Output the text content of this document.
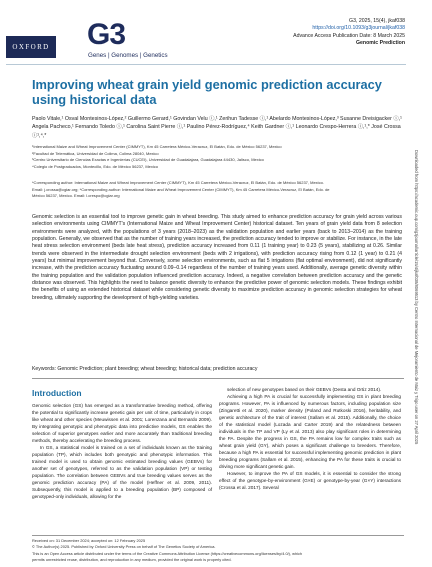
OXFORD G3
Genes | Genomes | Genetics
G3, 2025, 15(4), jkaf038
https://doi.org/10.1093/g3journal/jkaf038
Advance Access Publication Date: 8 March 2025
Genomic Prediction
Improving wheat grain yield genomic prediction accuracy using historical data
Paolo Vitale,¹ Osval Montesinos-López,² Guillermo Gerard,¹ Govindan Velu ⓘ,¹ Zerihun Tadesse ⓘ,¹ Abelardo Montesinos-López,³ Susanne Dreisigacker ⓘ,¹ Angela Pacheco,¹ Fernando Toledo ⓘ,¹ Carolina Saint Pierre ⓘ,¹ Paulino Pérez-Rodríguez,⁴ Keith Gardner ⓘ,¹ Leonardo Crespo-Herrera ⓘ,¹,* José Crossa ⓘ¹,⁴,*
¹International Maize and Wheat Improvement Center (CIMMYT), Km 45 Carretera México-Veracruz, El Batán, Edo. de México 56237, Mexico
²Facultad de Telemática, Universidad de Colima, Colima 28040, Mexico
³Centro Universitario de Ciencias Exactas e Ingenierías (CUCEI), Universidad de Guadalajara, Guadalajara 44430, Jalisco, Mexico
⁴Colegio de Postgraduados, Montecillo, Edo. de México 56237, Mexico
*Corresponding author: International Maize and Wheat Improvement Center (CIMMYT), Km 45 Carretera México-Veracruz, El Batán, Edo. de México 56237, Mexico.
Email: j.crossa@cgiar.org; *Corresponding author: International Maize and Wheat Improvement Center (CIMMYT), Km 45 Carretera México-Veracruz, El Batán, Edo. de
México 56237, Mexico. Email: l.crespo@cgiar.org
Genomic selection is an essential tool to improve genetic gain in wheat breeding. This study aimed to enhance prediction accuracy for grain yield across various selection environments using CIMMYT's (International Maize and Wheat Improvement Center) historical dataset. Ten years of grain yield data from 8 selection environments were analyzed, with the populations of 3 years (2018–2023) as the validation population and earlier years (back to 2013–2014) as the training population. Generally, we observed that as the number of training years increased, the prediction accuracy tended to improve or stabilize. For instance, in the late heat stress selection environment (beds late heat stress), prediction accuracy increased from 0.11 (1 training year) to 0.23 (5 years), stabilizing at 0.26. Similar trends were observed in the intermediate drought selection environment (beds with 2 irrigations), with prediction accuracy rising from 0.12 (1 year) to 0.21 (4 years) but minimal improvement beyond that. Conversely, some selection environments, such as flat 5 irrigations (flat optimal environment), did not significantly increase, with the prediction accuracy fluctuating around 0.09–0.14 regardless of the number of training years used. Additionally, average genetic diversity within the training population and the validation population influenced prediction accuracy. Indeed, a negative correlation between prediction accuracy and the genetic distance was observed. This highlights the need to balance genetic diversity to enhance the predictive power of genomic selection models. These findings exhibit the benefits of using an extended historical dataset while considering genetic diversity to maximize prediction accuracy in genomic selection strategies for wheat breeding, ultimately supporting the development of high-yielding varieties.
Keywords: Genomic Prediction; plant breeding; wheat breeding; historical data; prediction accuracy
Introduction

Genomic selection (GS) has emerged as a transformative breeding method, offering the potential to significantly increase genetic gain per unit of time, particularly in crops like wheat and other species (Meuwissen et al. 2001; Lorenzana and Bernardo 2009). By integrating genotypic and phenotypic data into predictive models, GS enables the selection of superior genotypes earlier and more accurately than traditional breeding methods, thereby accelerating the breeding process.

In GS, a statistical model is trained on a set of individuals known as the training population (TP), which includes both genotypic and phenotypic information. This trained model is used to obtain genomic estimated breeding values (GEBVs) for another set of genotypes, referred to as the validation population (VP) or testing population. The correlation between GEBVs and true breeding values serves as the genomic prediction accuracy (PA) of the model (Heffner et al. 2009, 2011). Subsequently, this model is applied to a breeding population (BP) composed of genotyped-only individuals, allowing for the

selection of new genotypes based on their GEBVs (Desta and Ortiz 2014).

Achieving a high PA is crucial for successfully implementing GS in plant breeding programs. However, PA is influenced by numerous factors, including population size (Zingaretti et al. 2020), marker density (Poland and Rutkoski 2016), heritability, and genetic architecture of the trait of interest (Sallam et al. 2015). Additionally, the choice of the statistical model (Lozada and Carter 2019) and the relatedness between individuals in the TP and VP (Ly et al. 2013) also play significant roles in determining the PA. Despite the progress in GS, the PA remains low for complex traits such as wheat grain yield (GY), which poses a significant challenge to breeders. Therefore, because a high PA is essential for successful implementing genomic prediction in plant breeding programs (Sallam et al. 2015), enhancing the PA for these traits is crucial to driving more significant genetic gain.

However, to improve the PA of GS models, it is essential to consider the strong effect of the genotype-by-environment (G×E) or genotype-by-year (G×Y) interactions (Crossa et al. 2017). Several

Received on: 31 December 2024; accepted on: 12 February 2025
© The Author(s) 2025. Published by Oxford University Press on behalf of The Genetics Society of America.
This is an Open Access article distributed under the terms of the Creative Commons Attribution License (https://creativecommons.org/licenses/by/4.0/), which
permits unrestricted reuse, distribution, and reproduction in any medium, provided the original work is properly cited.
Downloaded from https://academic.oup.com/g3journal/article/15/4/jkaf038/8069513 by Centro Internacional de Mejoramiento de Maiz y Trigo user on 27 April 2025
